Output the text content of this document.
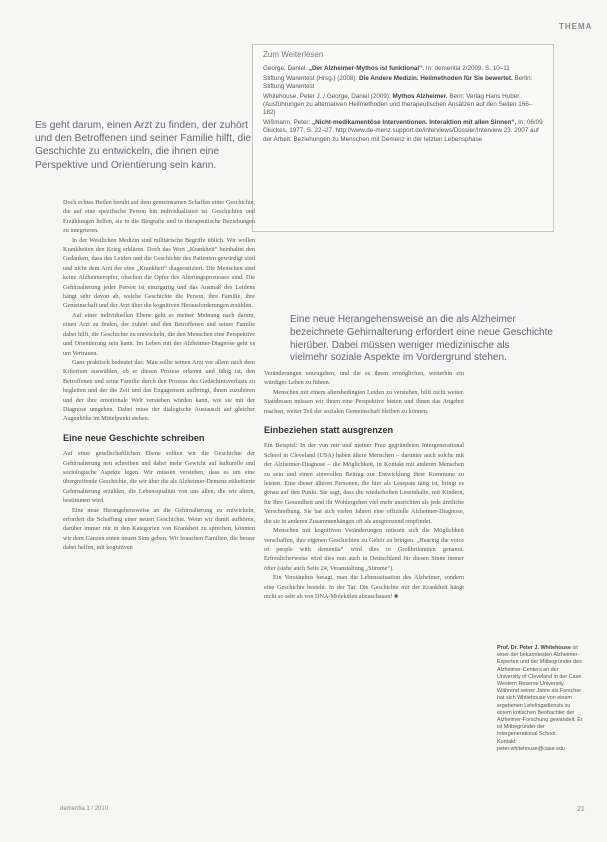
THEMA
Zum Weiterlesen
George, Daniel: „Der Alzheimer-Mythos ist funktional“. In: dementia 2/2009, S. 10–11
Stiftung Warentest (Hrsg.) (2008): Die Andere Medizin. Heilmethoden für Sie bewertet. Berlin: Stiftung Warentest
Whitehouse, Peter J. / George, Daniel (2009): Mythos Alzheimer. Bern: Verlag Hans Huber. (Ausführungen zu alternativen Heilmethoden und therapeutischen Ansätzen auf den Seiten 166–182)
Wißmann, Peter: „Nicht-medikamentöse Interventionen. Interaktion mit allen Sinnen“. In: 06/09 Gluckes, 1977, S. 22–27. http://www.de-menz.support.de/interviews/Dossier/Interview 23. 2007 auf der Arbeit. Beziehungen zu Menschen mit Demenz in der letzten Lebensphase
Es geht darum, einen Arzt zu finden, der zuhört und den Betroffenen und seiner Familie hilft, die Geschichte zu entwickeln, die ihnen eine Perspektive und Orientierung sein kann.
Eine neue Herangehensweise an die als Alzheimer
bezeichnete Gehirnalterung erfordert eine neue Geschichte
hierüber. Dabei müssen weniger medizinische als
vielmehr soziale Aspekte im Vordergrund stehen.

Doch echtes Heilen beruht auf dem gemeinsamen Schaffen einer Geschichte, die auf eine spezifische Person hin individualisiert ist. Geschichten und Erzählungen helfen, sie in die Biografie und in therapeutische Beziehungen zu integrieren.

In der Westlichen Medizin sind militärische Begriffe üblich. Wir wollen Krankheiten den Krieg erklären. Doch das Wort „Krankheit“ beinhaltet den Gedanken, dass das Leiden und die Geschichte des Patienten gewürdigt sind und nicht dem Arzt der eine „Krankheit“ diagnostiziert. Die Menschen sind keine Alzheimeropfer, obschon die Opfer des Alterungsprozesses sind. Die Gehirnalterung jeder Person ist einzigartig und das Ausmaß des Leidens hängt sehr davon ab, welche Geschichte die Person, ihre Familie, ihre Gemeinschaft und der Arzt über die kognitiven Herausforderungen erzählen.

Auf einer individuellen Ebene geht es meiner Meinung nach darum, einen Arzt zu finden, der zuhört und den Betroffenen und seiner Familie dabei hilft, die Geschichte zu entwickeln, die den Menschen eine Perspektive und Orientierung sein kann. Im Leben mit der Alzheimer-Diagnose geht es um Vertrauen.

Ganz praktisch bedeutet das: Man sollte seinen Arzt vor allem nach dem Kriterium auswählen, ob er diesen Prozess erkennt und fähig ist, den Betroffenen und seine Familie durch den Prozess des Gedächtnisverlusts zu begleiten und der die Zeit und das Engagement aufbringt, ihnen zuzuhören und der ihre emotionale Welt verstehen würden kann, wie sie mit der Diagnose umgehen. Dabei muss der dialogische Austausch auf gleicher Augenhöhe im Mittelpunkt stehen.

Eine neue Geschichte schreiben

Auf einer gesellschaftlichen Ebene sollten wir die Geschichte der Gehirnalterung neu schreiben und dabei mehr Gewicht auf kulturelle und soziologische Aspekte legen. Wir müssen verstehen, dass es um eine übergreifende Geschichte, die wir über die als Alzheimer-Demenz etikettierte Gehirnalterung erzählen, die Lebensqualität von uns allen, die wir altern, bestimmen wird.

Eine neue Herangehensweise an die Gehirnalterung zu entwickeln, erfordert die Schaffung einer neuen Geschichte. Wenn wir damit aufhören, darüber immer nur in den Kategorien von Krankheit zu sprechen, könnten wir dem Ganzen einen neuen Sinn geben. Wir brauchen Familien, die besser dabei helfen, mit kognitiven

Veränderungen umzugehen, und die es ihnen ermöglichen, weiterhin ein würdiges Leben zu führen.

Menschen mit einem altersbedingten Leiden zu verstehen, hilft nicht weiter. Stattdessen müssen wir ihnen eine Perspektive bieten und ihnen das Angebot machen, weiter Teil der sozialen Gemeinschaft bleiben zu können.

Einbeziehen statt ausgrenzen

Ein Beispiel: In der von mir und meiner Frau gegründeten Intergenerational School in Cleveland (USA) haben ältere Menschen – darunter auch solche mit der Alzheimer-Diagnose – die Möglichkeit, in Kontakt mit anderen Menschen zu sein und einen sinnvollen Beitrag zur Entwicklung ihrer Kommune zu leisten. Eine dieser älteren Personen, die hier als Lesepate tätig ist, bringt es genau auf den Punkt. Sie sagt, dass die wiederholten Leseinhalte, mit Kindern, für Ihre Gesundheit und ihr Wohlergehen viel mehr ausrichten als jede ärztliche Verschreibung. Sie hat sich vielen Jahren eine offizielle Alzheimer-Diagnose, die sie in anderen Zusammenhängen oft als ausgrenzend empfindet.

Menschen mit kognitiven Veränderungen müssen sich die Möglichkeit verschaffen, ihre eigenen Geschichten zu Gehör zu bringen. „Hearing the voice of people with dementia“ wird dies in Großbritannien genannt. Erfreulicherweise wird dies nun auch in Deutschland für diesen Sinne immer öfter (siehe auch Seite 24, Veranstaltung „Stimme“).

Ein Verständnis besagt, man die Lebenssituation des Alzheimer, sondern eine Geschichte besteht. In der Tat: Die Geschichte mit der Krankheit hängt nicht so sehr ab von DNA-Molekülen abzuschauen! ■

Prof. Dr. Peter J. Whitehouse ist einer der bekanntesten Alzheimer-Experten und der Mitbegründer des Alzheimer-Centers an der University of Cleveland in der Case Western Reserve University. Während seiner Jahre als Forscher hat sich Whitehouse von einem ergebenen Lehrlingsdiensts zu einem kritischen Beobachter der Alzheimer-Forschung gewandelt. Er ist Mitbegründer der Intergenerational School.
Kontakt: peter.whitehouse@case.edu
dementia 1 / 2010	21
